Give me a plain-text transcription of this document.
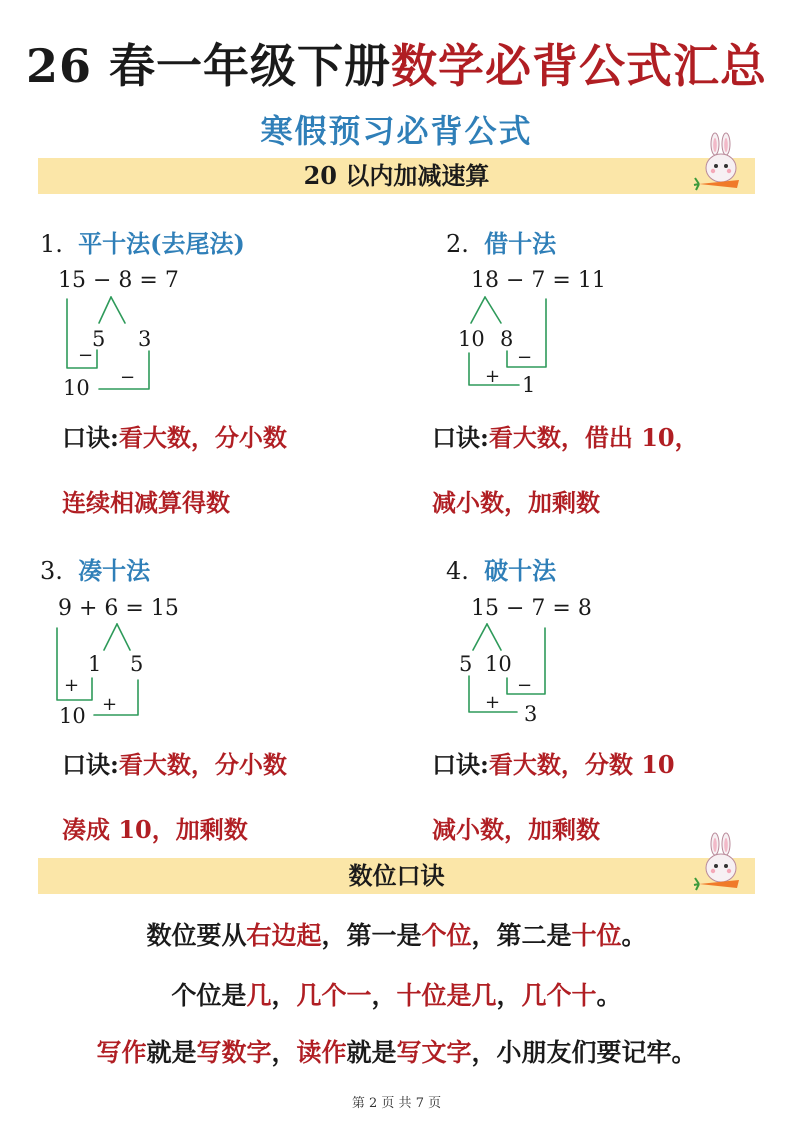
26 春一年级下册数学必背公式汇总
寒假预习必背公式
20 以内加减速算
1. 平十法(去尾法)
15 − 8 = 7
5 3
10
−
−
口诀:看大数，分小数
连续相减算得数
2. 借十法
18 − 7 = 11
10 8
1
−
+
口诀:看大数，借出 10，
减小数，加剩数
3. 凑十法
9 + 6 = 15
1 5
10
+
+
口诀:看大数，分小数
凑成 10，加剩数
4. 破十法
15 − 7 = 8
5 10
3
−
+
口诀:看大数，分数 10
减小数，加剩数
数位口诀
数位要从右边起，第一是个位，第二是十位。
个位是几，几个一，十位是几，几个十。
写作就是写数字，读作就是写文字，小朋友们要记牢。
第 2 页 共 7 页
